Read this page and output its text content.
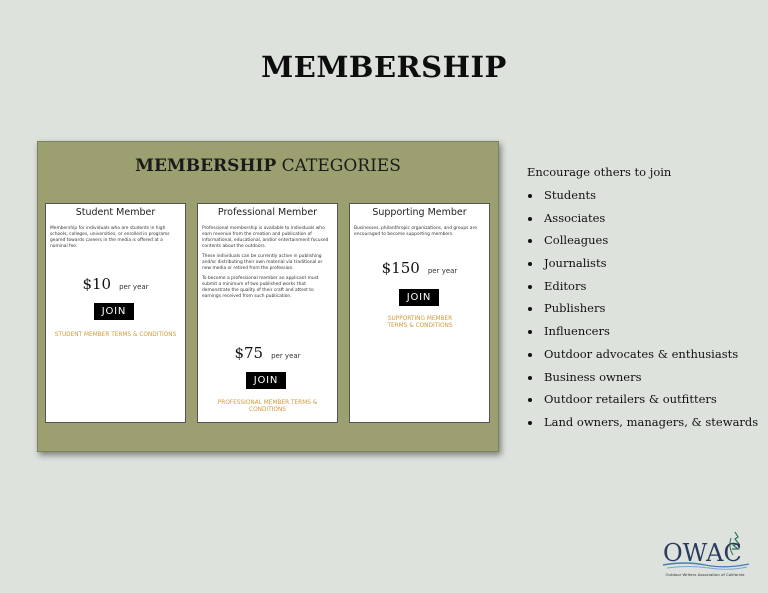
MEMBERSHIP
MEMBERSHIP CATEGORIES
Student Member

Membership for individuals who are students in high schools, colleges, universities, or enrolled in programs geared towards careers in the media is offered at a nominal fee.

$10 per year
JOIN
STUDENT MEMBER TERMS & CONDITIONS
Professional Member

Professional membership is available to individuals who earn revenue from the creation and publication of informational, educational, and/or entertainment focused contents about the outdoors.

These individuals can be currently active in publishing and/or distributing their own material via traditional or new media or retired from the profession.

To become a professional member an applicant must submit a minimum of two published works that demonstrate the quality of their craft and attest to earnings received from such publication.

$75 per year
JOIN
PROFESSIONAL MEMBER TERMS & CONDITIONS
Supporting Member

Businesses, philanthropic organizations, and groups are encouraged to become supporting members.

$150 per year
JOIN
SUPPORTING MEMBER TERMS & CONDITIONS

Encourage others to join

Students
Associates
Colleagues
Journalists
Editors
Publishers
Influencers
Outdoor advocates & enthusiasts
Business owners
Outdoor retailers & outfitters
Land owners, managers, & stewards
OWAC
Outdoor Writers Association of California
